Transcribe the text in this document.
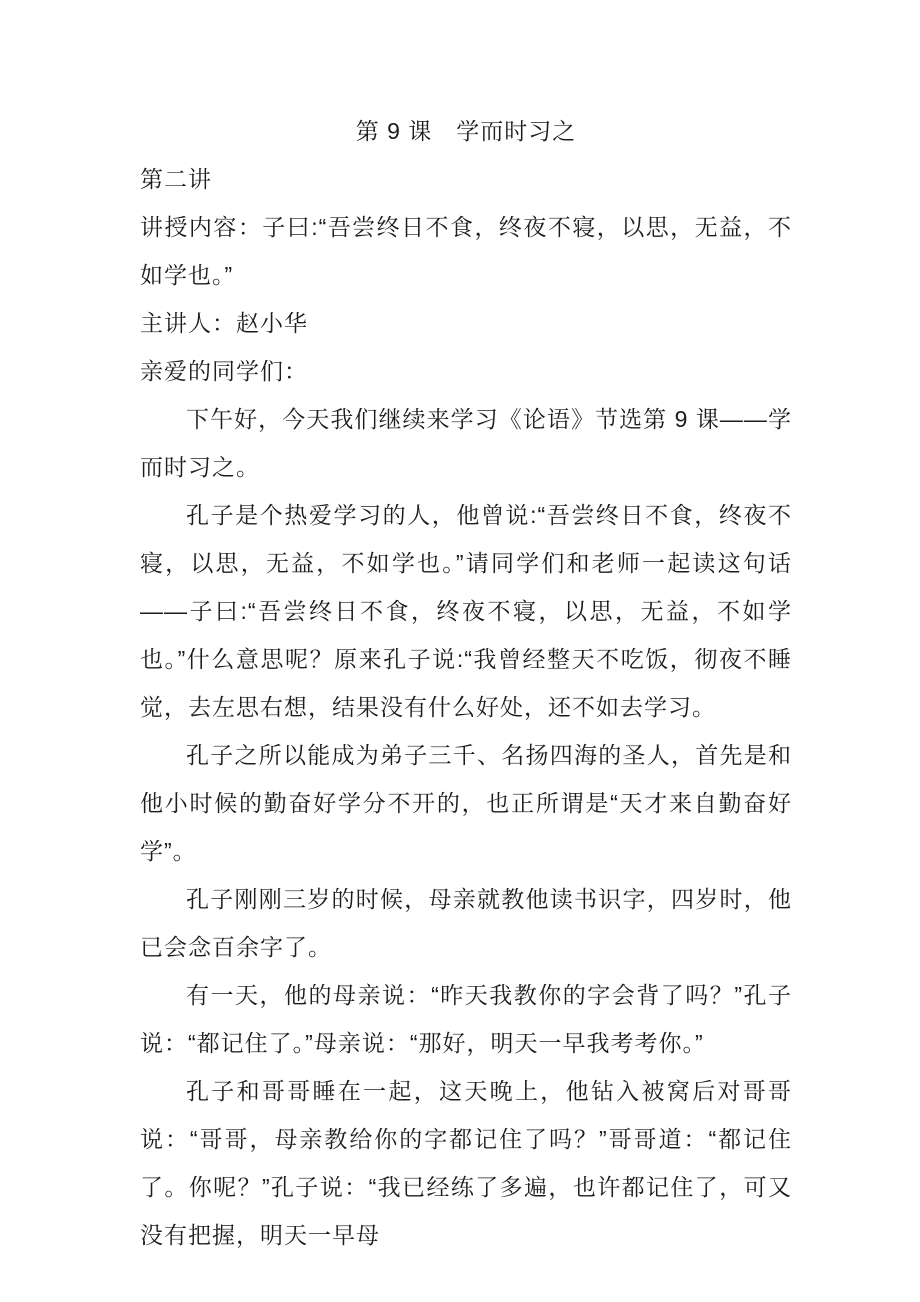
第 9 课　学而时习之

第二讲

讲授内容：子曰:“吾尝终日不食，终夜不寝，以思，无益，不如学也。”

主讲人：赵小华

亲爱的同学们：

下午好，今天我们继续来学习《论语》节选第 9 课——学而时习之。

孔子是个热爱学习的人，他曾说:“吾尝终日不食，终夜不寝，以思，无益，不如学也。”请同学们和老师一起读这句话——子曰:“吾尝终日不食，终夜不寝，以思，无益，不如学也。”什么意思呢？原来孔子说:“我曾经整天不吃饭，彻夜不睡觉，去左思右想，结果没有什么好处，还不如去学习。

孔子之所以能成为弟子三千、名扬四海的圣人，首先是和他小时候的勤奋好学分不开的，也正所谓是“天才来自勤奋好学”。

孔子刚刚三岁的时候，母亲就教他读书识字，四岁时，他已会念百余字了。

有一天，他的母亲说：“昨天我教你的字会背了吗？”孔子说：“都记住了。”母亲说：“那好，明天一早我考考你。”

孔子和哥哥睡在一起，这天晚上，他钻入被窝后对哥哥说：“哥哥，母亲教给你的字都记住了吗？”哥哥道：“都记住了。你呢？”孔子说：“我已经练了多遍，也许都记住了，可又没有把握，明天一早母
